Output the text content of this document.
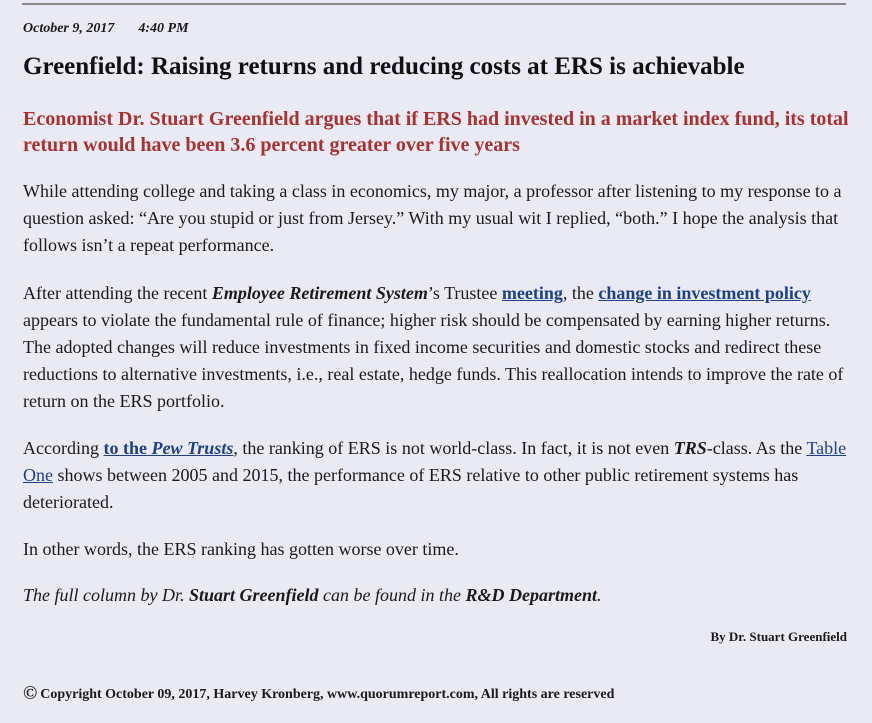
October 9, 2017 4:40 PM
Greenfield: Raising returns and reducing costs at ERS is achievable
Economist Dr. Stuart Greenfield argues that if ERS had invested in a market index fund, its total return would have been 3.6 percent greater over five years

While attending college and taking a class in economics, my major, a professor after listening to my response to a question asked: “Are you stupid or just from Jersey.” With my usual wit I replied, “both.” I hope the analysis that follows isn’t a repeat performance.

After attending the recent Employee Retirement System’s Trustee meeting, the change in investment policy appears to violate the fundamental rule of finance; higher risk should be compensated by earning higher returns. The adopted changes will reduce investments in fixed income securities and domestic stocks and redirect these reductions to alternative investments, i.e., real estate, hedge funds. This reallocation intends to improve the rate of return on the ERS portfolio.

According to the Pew Trusts, the ranking of ERS is not world-class. In fact, it is not even TRS-class. As the Table One shows between 2005 and 2015, the performance of ERS relative to other public retirement systems has deteriorated.

In other words, the ERS ranking has gotten worse over time.

The full column by Dr. Stuart Greenfield can be found in the R&D Department.

By Dr. Stuart Greenfield
© Copyright October 09, 2017, Harvey Kronberg, www.quorumreport.com, All rights are reserved
